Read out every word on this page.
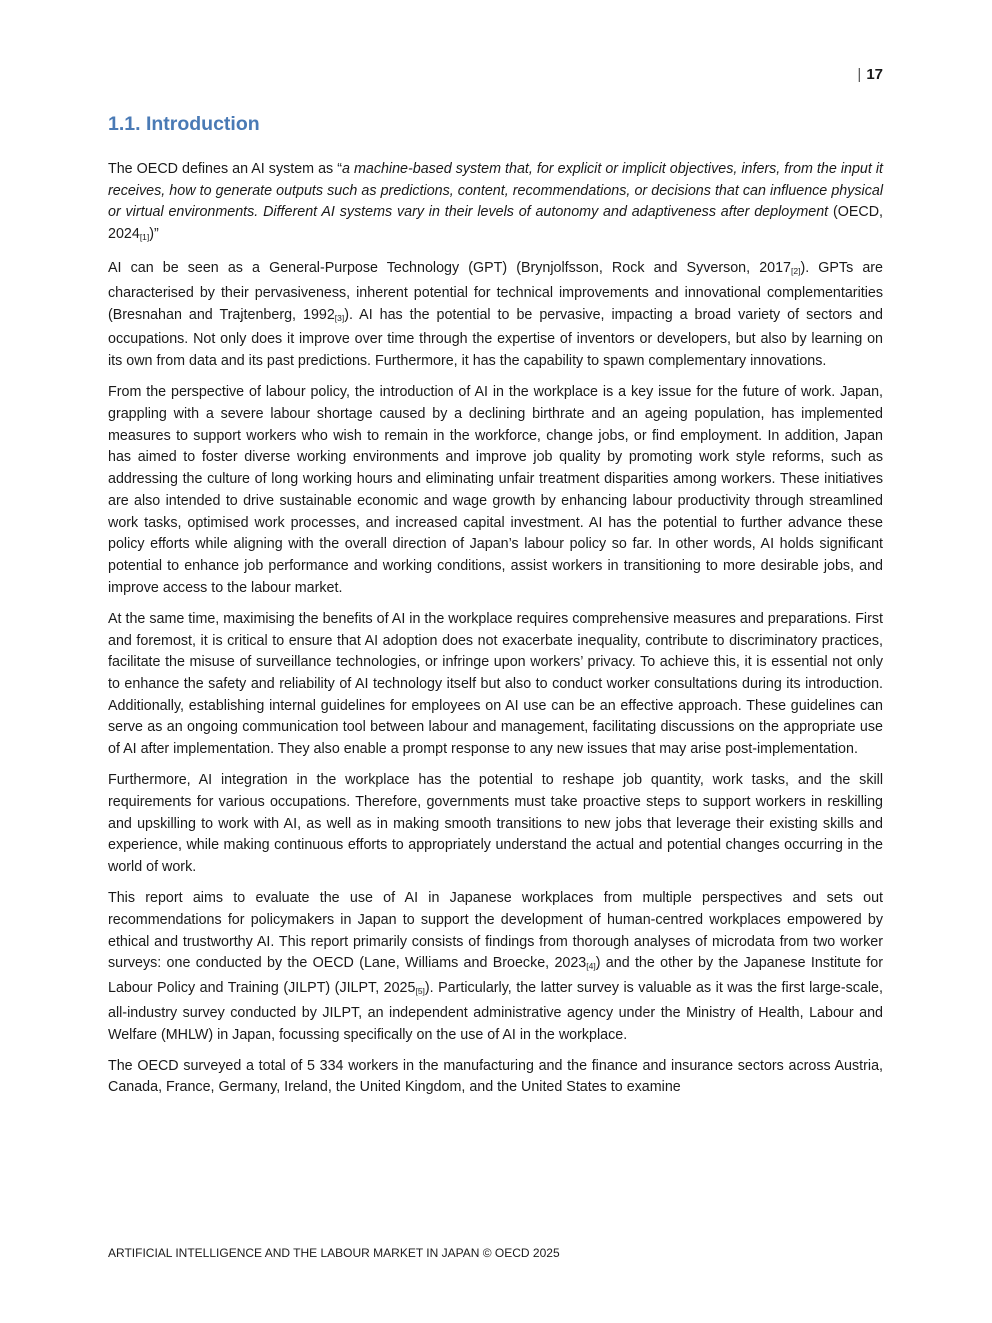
| 17
1.1. Introduction

The OECD defines an AI system as “a machine-based system that, for explicit or implicit objectives, infers, from the input it receives, how to generate outputs such as predictions, content, recommendations, or decisions that can influence physical or virtual environments. Different AI systems vary in their levels of autonomy and adaptiveness after deployment (OECD, $2024_{[1]}$)”

AI can be seen as a General-Purpose Technology (GPT) (Brynjolfsson, Rock and Syverson, $2017_{[2]}$). GPTs are characterised by their pervasiveness, inherent potential for technical improvements and innovational complementarities (Bresnahan and Trajtenberg, $1992_{[3]}$). AI has the potential to be pervasive, impacting a broad variety of sectors and occupations. Not only does it improve over time through the expertise of inventors or developers, but also by learning on its own from data and its past predictions. Furthermore, it has the capability to spawn complementary innovations.

From the perspective of labour policy, the introduction of AI in the workplace is a key issue for the future of work. Japan, grappling with a severe labour shortage caused by a declining birthrate and an ageing population, has implemented measures to support workers who wish to remain in the workforce, change jobs, or find employment. In addition, Japan has aimed to foster diverse working environments and improve job quality by promoting work style reforms, such as addressing the culture of long working hours and eliminating unfair treatment disparities among workers. These initiatives are also intended to drive sustainable economic and wage growth by enhancing labour productivity through streamlined work tasks, optimised work processes, and increased capital investment. AI has the potential to further advance these policy efforts while aligning with the overall direction of Japan’s labour policy so far. In other words, AI holds significant potential to enhance job performance and working conditions, assist workers in transitioning to more desirable jobs, and improve access to the labour market.

At the same time, maximising the benefits of AI in the workplace requires comprehensive measures and preparations. First and foremost, it is critical to ensure that AI adoption does not exacerbate inequality, contribute to discriminatory practices, facilitate the misuse of surveillance technologies, or infringe upon workers’ privacy. To achieve this, it is essential not only to enhance the safety and reliability of AI technology itself but also to conduct worker consultations during its introduction. Additionally, establishing internal guidelines for employees on AI use can be an effective approach. These guidelines can serve as an ongoing communication tool between labour and management, facilitating discussions on the appropriate use of AI after implementation. They also enable a prompt response to any new issues that may arise post-implementation.

Furthermore, AI integration in the workplace has the potential to reshape job quantity, work tasks, and the skill requirements for various occupations. Therefore, governments must take proactive steps to support workers in reskilling and upskilling to work with AI, as well as in making smooth transitions to new jobs that leverage their existing skills and experience, while making continuous efforts to appropriately understand the actual and potential changes occurring in the world of work.

This report aims to evaluate the use of AI in Japanese workplaces from multiple perspectives and sets out recommendations for policymakers in Japan to support the development of human-centred workplaces empowered by ethical and trustworthy AI. This report primarily consists of findings from thorough analyses of microdata from two worker surveys: one conducted by the OECD (Lane, Williams and Broecke, $2023_{[4]}$) and the other by the Japanese Institute for Labour Policy and Training (JILPT) (JILPT, $2025_{[5]}$). Particularly, the latter survey is valuable as it was the first large-scale, all-industry survey conducted by JILPT, an independent administrative agency under the Ministry of Health, Labour and Welfare (MHLW) in Japan, focussing specifically on the use of AI in the workplace.

The OECD surveyed a total of 5 334 workers in the manufacturing and the finance and insurance sectors across Austria, Canada, France, Germany, Ireland, the United Kingdom, and the United States to examine

ARTIFICIAL INTELLIGENCE AND THE LABOUR MARKET IN JAPAN © OECD 2025
